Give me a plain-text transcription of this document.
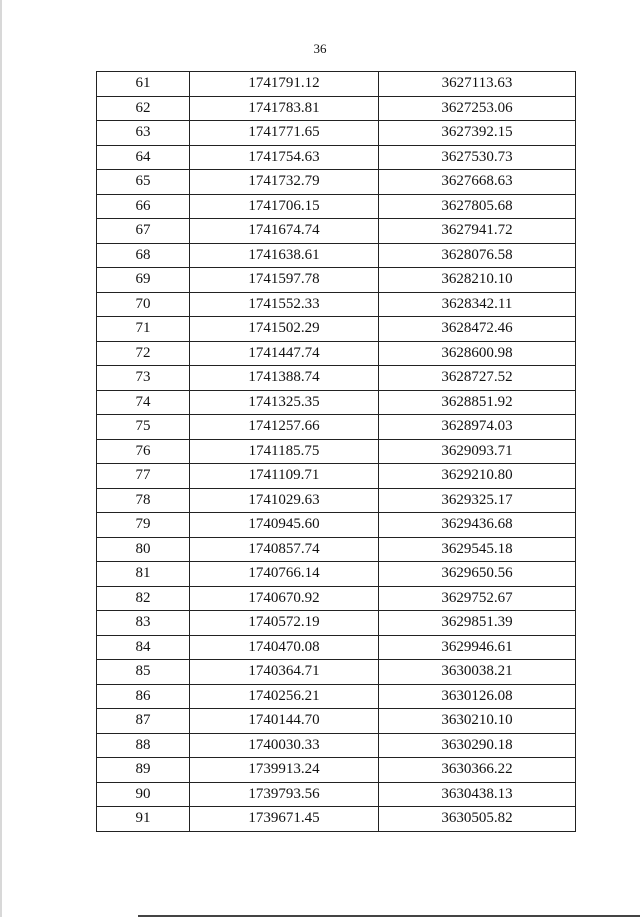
36
61	1741791.12	3627113.63
62	1741783.81	3627253.06
63	1741771.65	3627392.15
64	1741754.63	3627530.73
65	1741732.79	3627668.63
66	1741706.15	3627805.68
67	1741674.74	3627941.72
68	1741638.61	3628076.58
69	1741597.78	3628210.10
70	1741552.33	3628342.11
71	1741502.29	3628472.46
72	1741447.74	3628600.98
73	1741388.74	3628727.52
74	1741325.35	3628851.92
75	1741257.66	3628974.03
76	1741185.75	3629093.71
77	1741109.71	3629210.80
78	1741029.63	3629325.17
79	1740945.60	3629436.68
80	1740857.74	3629545.18
81	1740766.14	3629650.56
82	1740670.92	3629752.67
83	1740572.19	3629851.39
84	1740470.08	3629946.61
85	1740364.71	3630038.21
86	1740256.21	3630126.08
87	1740144.70	3630210.10
88	1740030.33	3630290.18
89	1739913.24	3630366.22
90	1739793.56	3630438.13
91	1739671.45	3630505.82
